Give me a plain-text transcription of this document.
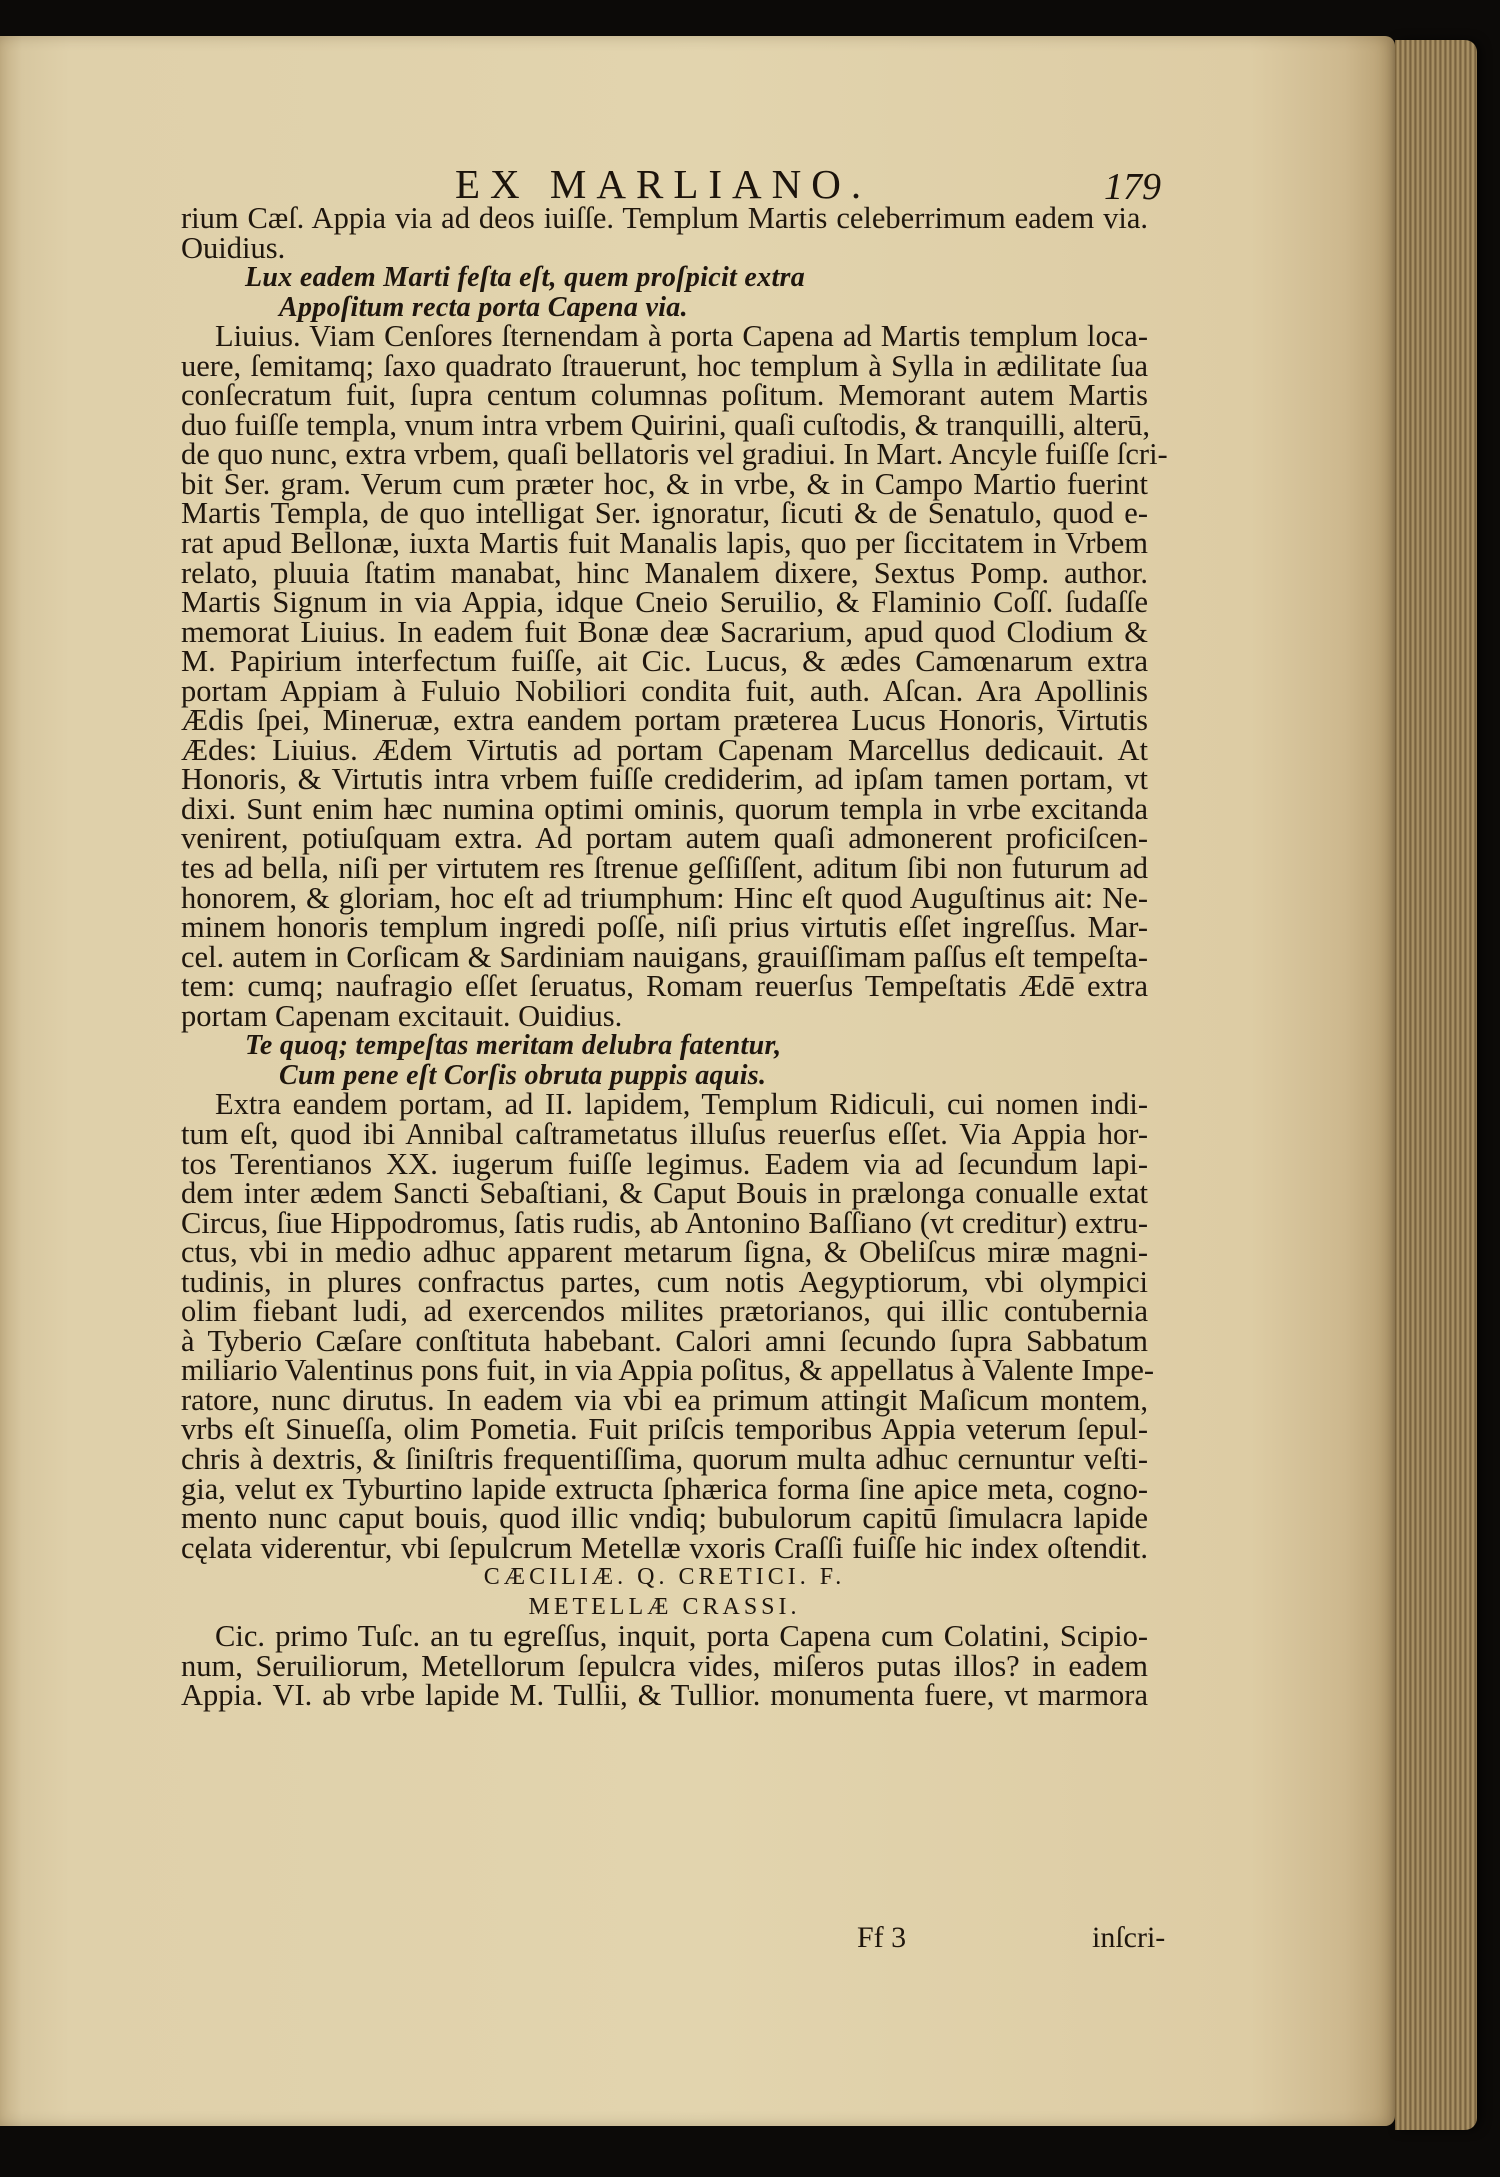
EX MARLIANO.	179

rium Cæſ. Appia via ad deos iuiſſe. Templum Martis celeberrimum eadem via.

Ouidius.

Lux eadem Marti feſta eſt, quem proſpicit extra

Appoſitum recta porta Capena via.

Liuius. Viam Cenſores ſternendam à porta Capena ad Martis templum loca-

uere, ſemitamq; ſaxo quadrato ſtrauerunt, hoc templum à Sylla in ædilitate ſua

conſecratum fuit, ſupra centum columnas poſitum. Memorant autem Martis

duo fuiſſe templa, vnum intra vrbem Quirini, quaſi cuſtodis, & tranquilli, alterū,

de quo nunc, extra vrbem, quaſi bellatoris vel gradiui. In Mart. Ancyle fuiſſe ſcri-

bit Ser. gram. Verum cum præter hoc, & in vrbe, & in Campo Martio fuerint

Martis Templa, de quo intelligat Ser. ignoratur, ſicuti & de Senatulo, quod e-

rat apud Bellonæ, iuxta Martis fuit Manalis lapis, quo per ſiccitatem in Vrbem

relato, pluuia ſtatim manabat, hinc Manalem dixere, Sextus Pomp. author.

Martis Signum in via Appia, idque Cneio Seruilio, & Flaminio Coſſ. ſudaſſe

memorat Liuius. In eadem fuit Bonæ deæ Sacrarium, apud quod Clodium &

M. Papirium interfectum fuiſſe, ait Cic. Lucus, & ædes Camœnarum extra

portam Appiam à Fuluio Nobiliori condita fuit, auth. Aſcan. Ara Apollinis

Ædis ſpei, Mineruæ, extra eandem portam præterea Lucus Honoris, Virtutis

Ædes: Liuius. Ædem Virtutis ad portam Capenam Marcellus dedicauit. At

Honoris, & Virtutis intra vrbem fuiſſe crediderim, ad ipſam tamen portam, vt

dixi. Sunt enim hæc numina optimi ominis, quorum templa in vrbe excitanda

venirent, potiuſquam extra. Ad portam autem quaſi admonerent proficiſcen-

tes ad bella, niſi per virtutem res ſtrenue geſſiſſent, aditum ſibi non futurum ad

honorem, & gloriam, hoc eſt ad triumphum: Hinc eſt quod Auguſtinus ait: Ne-

minem honoris templum ingredi poſſe, niſi prius virtutis eſſet ingreſſus. Mar-

cel. autem in Corſicam & Sardiniam nauigans, grauiſſimam paſſus eſt tempeſta-

tem: cumq; naufragio eſſet ſeruatus, Romam reuerſus Tempeſtatis Ædē extra

portam Capenam excitauit. Ouidius.

Te quoq; tempeſtas meritam delubra fatentur,

Cum pene eſt Corſis obruta puppis aquis.

Extra eandem portam, ad II. lapidem, Templum Ridiculi, cui nomen indi-

tum eſt, quod ibi Annibal caſtrametatus illuſus reuerſus eſſet. Via Appia hor-

tos Terentianos XX. iugerum fuiſſe legimus. Eadem via ad ſecundum lapi-

dem inter ædem Sancti Sebaſtiani, & Caput Bouis in prælonga conualle extat

Circus, ſiue Hippodromus, ſatis rudis, ab Antonino Baſſiano (vt creditur) extru-

ctus, vbi in medio adhuc apparent metarum ſigna, & Obeliſcus miræ magni-

tudinis, in plures confractus partes, cum notis Aegyptiorum, vbi olympici

olim fiebant ludi, ad exercendos milites prætorianos, qui illic contubernia

à Tyberio Cæſare conſtituta habebant. Calori amni ſecundo ſupra Sabbatum

miliario Valentinus pons fuit, in via Appia poſitus, & appellatus à Valente Impe-

ratore, nunc dirutus. In eadem via vbi ea primum attingit Maſicum montem,

vrbs eſt Sinueſſa, olim Pometia. Fuit priſcis temporibus Appia veterum ſepul-

chris à dextris, & ſiniſtris frequentiſſima, quorum multa adhuc cernuntur veſti-

gia, velut ex Tyburtino lapide extructa ſphærica forma ſine apice meta, cogno-

mento nunc caput bouis, quod illic vndiq; bubulorum capitū ſimulacra lapide

cęlata viderentur, vbi ſepulcrum Metellæ vxoris Craſſi fuiſſe hic index oſtendit.

CÆCILIÆ. Q. CRETICI. F.

METELLÆ CRASSI.

Cic. primo Tuſc. an tu egreſſus, inquit, porta Capena cum Colatini, Scipio-

num, Seruiliorum, Metellorum ſepulcra vides, miſeros putas illos? in eadem

Appia. VI. ab vrbe lapide M. Tullii, & Tullior. monumenta fuere, vt marmora

Ff 3	inſcri-
